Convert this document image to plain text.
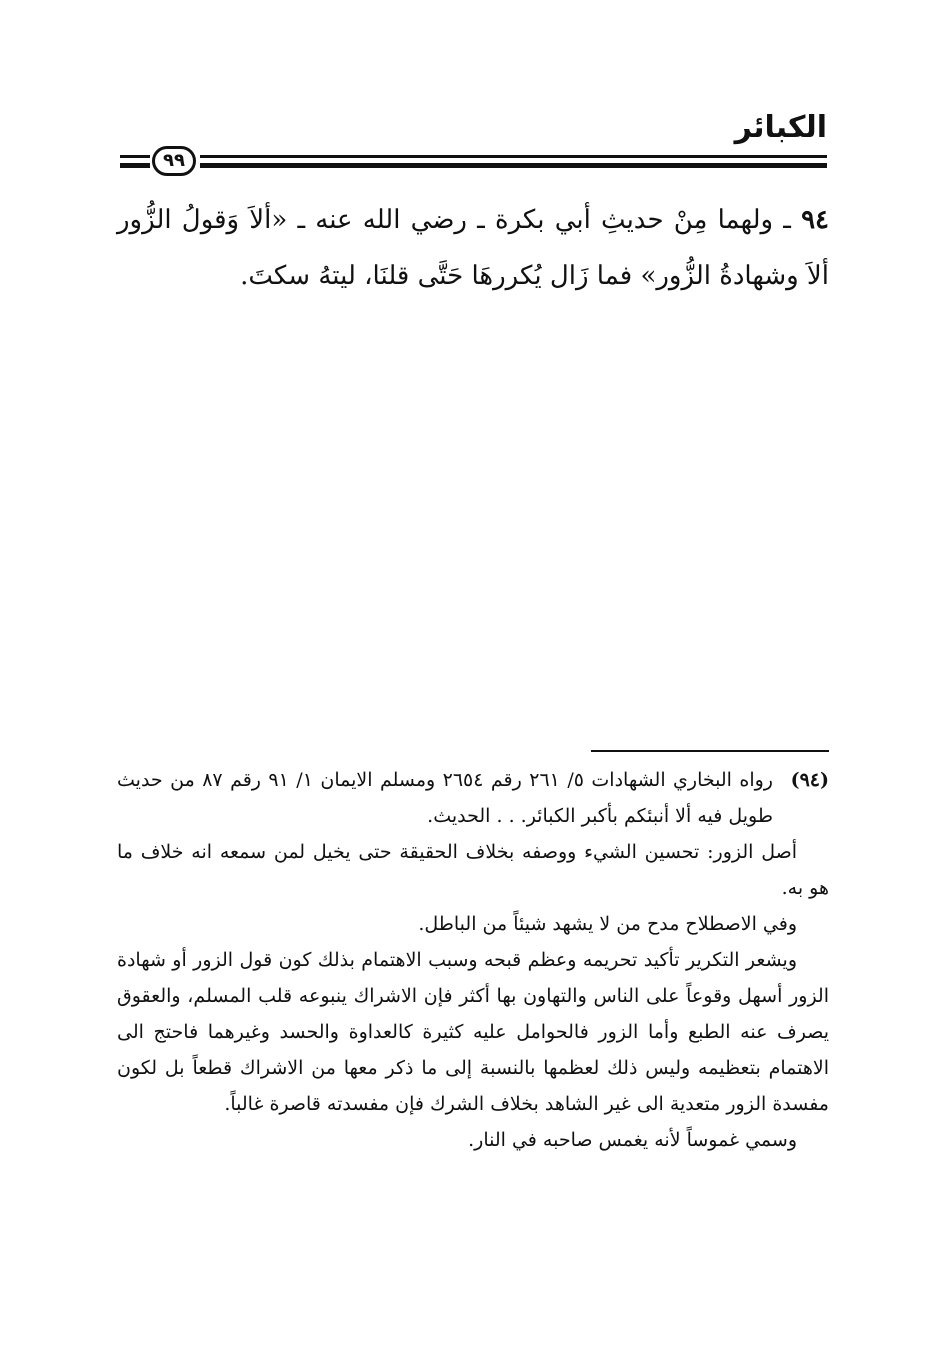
الكبائر
٩٩
٩٤ ـ ولهما مِنْ حديثِ أبي بكرة ـ رضي الله عنه ـ «ألاَ وَقولُ الزُّور ألاَ وشهادةُ الزُّور» فما زَال يُكررهَا حَتَّى قلنَا، ليتهُ سكتَ.

(٩٤)
رواه البخاري الشهادات ٥/ ٢٦١ رقم ٢٦٥٤ ومسلم الايمان ١/ ٩١ رقم ٨٧ من حديث طويل فيه ألا أنبئكم بأكبر الكبائر. . . الحديث.

أصل الزور: تحسين الشيء ووصفه بخلاف الحقيقة حتى يخيل لمن سمعه انه خلاف ما هو به.

وفي الاصطلاح مدح من لا يشهد شيئاً من الباطل.

ويشعر التكرير تأكيد تحريمه وعظم قبحه وسبب الاهتمام بذلك كون قول الزور أو شهادة الزور أسهل وقوعاً على الناس والتهاون بها أكثر فإن الاشراك ينبوعه قلب المسلم، والعقوق يصرف عنه الطبع وأما الزور فالحوامل عليه كثيرة كالعداوة والحسد وغيرهما فاحتج الى الاهتمام بتعظيمه وليس ذلك لعظمها بالنسبة إلى ما ذكر معها من الاشراك قطعاً بل لكون مفسدة الزور متعدية الى غير الشاهد بخلاف الشرك فإن مفسدته قاصرة غالباً.

وسمي غموساً لأنه يغمس صاحبه في النار.
